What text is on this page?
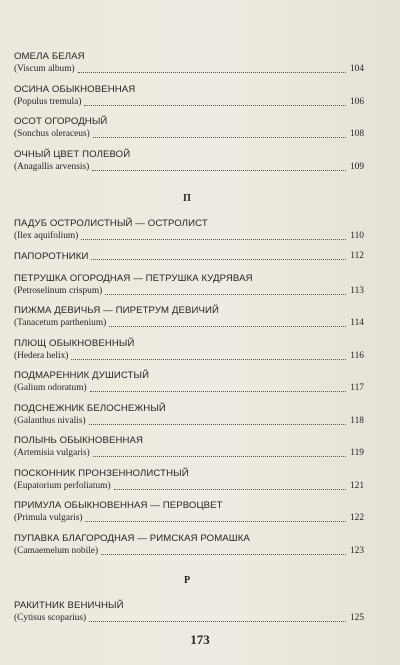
ОМЕЛА БЕЛАЯ
(Viscum album)	104
ОСИНА ОБЫКНОВЕННАЯ
(Populus tremula)	106
ОСОТ ОГОРОДНЫЙ
(Sonchus oleraceus)	108
ОЧНЫЙ ЦВЕТ ПОЛЕВОЙ
(Anagallis arvensis)	109
П
ПАДУБ ОСТРОЛИСТНЫЙ — ОСТРОЛИСТ
(Ilex aquifolium)	110
ПАПОРОТНИКИ	112
ПЕТРУШКА ОГОРОДНАЯ — ПЕТРУШКА КУДРЯВАЯ
(Petroselinum crispum)	113
ПИЖМА ДЕВИЧЬЯ — ПИРЕТРУМ ДЕВИЧИЙ
(Tanacetum parthenium)	114
ПЛЮЩ ОБЫКНОВЕННЫЙ
(Hedera helix)	116
ПОДМАРЕННИК ДУШИСТЫЙ
(Galium odoratum)	117
ПОДСНЕЖНИК БЕЛОСНЕЖНЫЙ
(Galanthus nivalis)	118
ПОЛЫНЬ ОБЫКНОВЕННАЯ
(Artemisia vulgaris)	119
ПОСКОННИК ПРОНЗЕННОЛИСТНЫЙ
(Eupatorium perfoliatum)	121
ПРИМУЛА ОБЫКНОВЕННАЯ — ПЕРВОЦВЕТ
(Primula vulgaris)	122
ПУПАВКА БЛАГОРОДНАЯ — РИМСКАЯ РОМАШКА
(Camaemelum nobile)	123
Р
РАКИТНИК ВЕНИЧНЫЙ
(Cytisus scoparius)	125
173
